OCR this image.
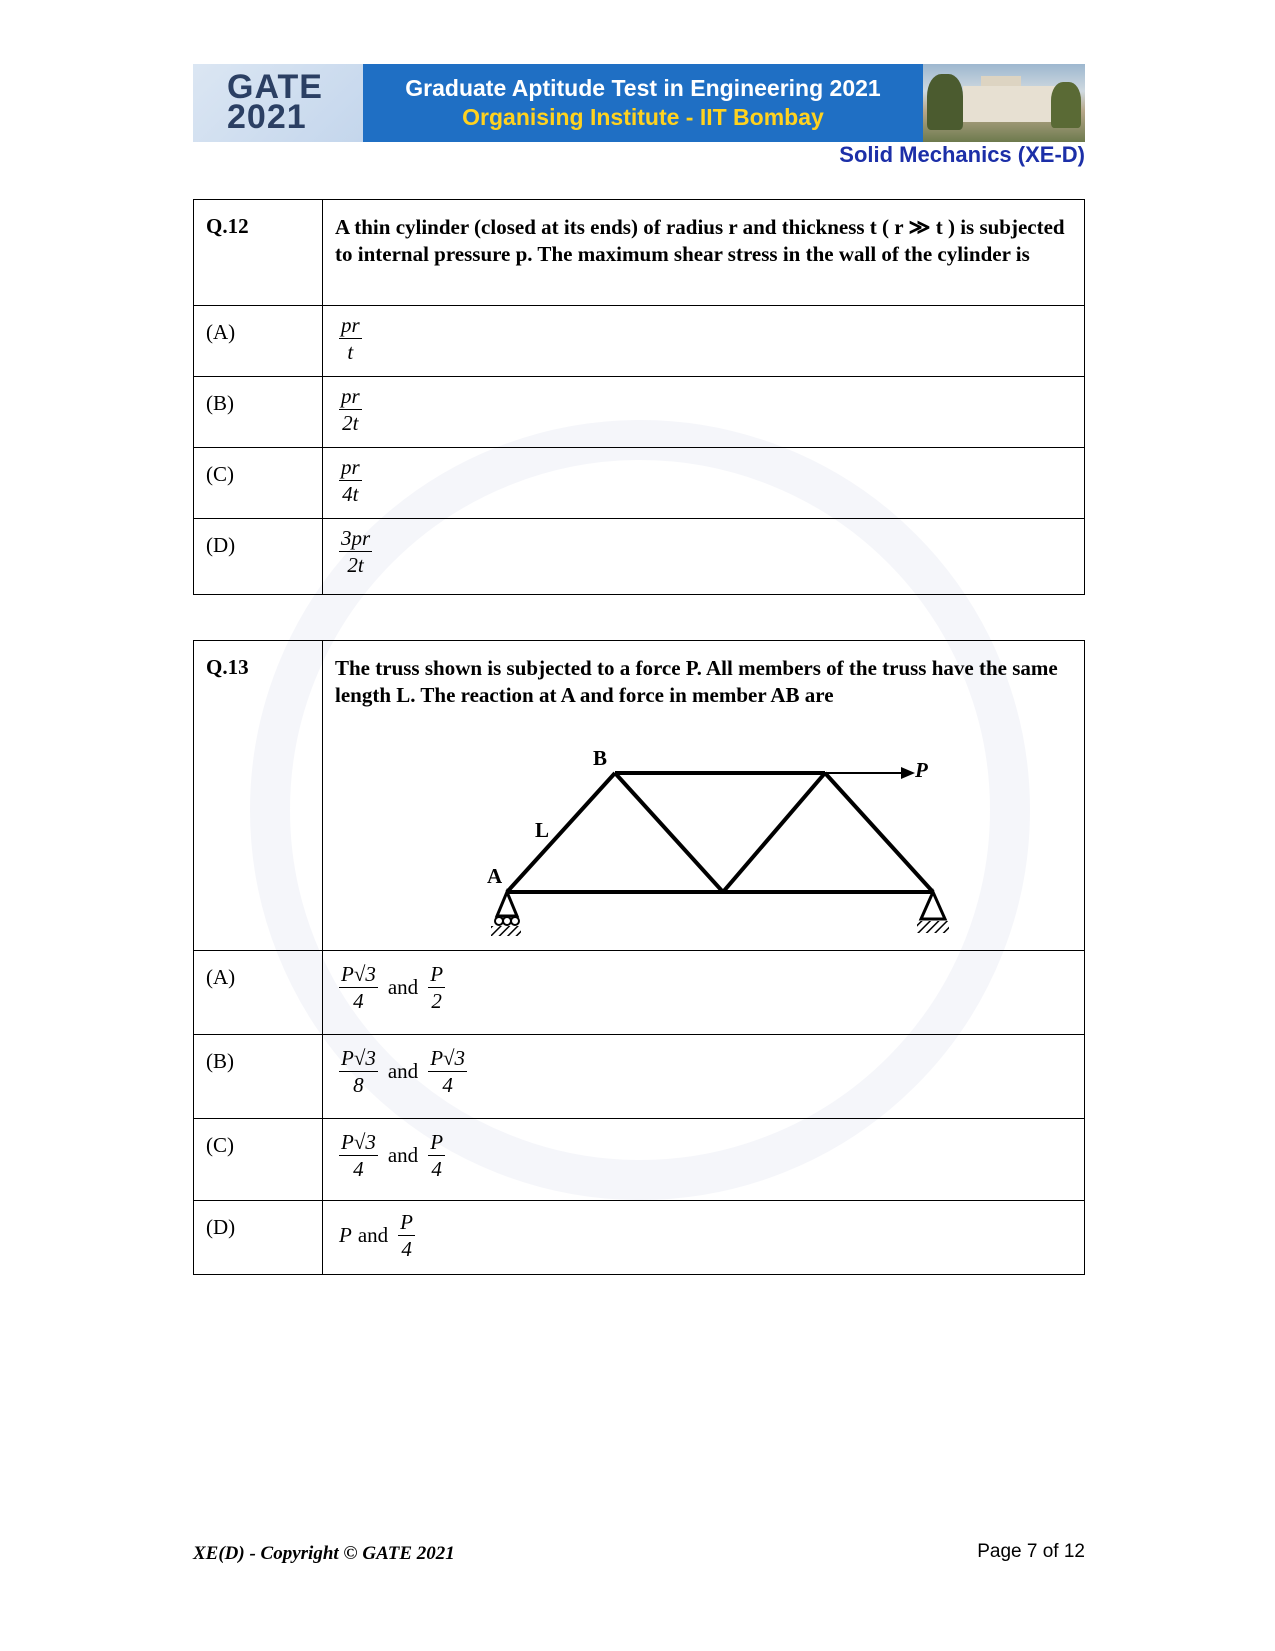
GATE
2021
Graduate Aptitude Test in Engineering 2021
Organising Institute - IIT Bombay
Solid Mechanics (XE-D)
Q.12	A thin cylinder (closed at its ends) of radius r and thickness t ( r ≫ t ) is subjected to internal pressure p. The maximum shear stress in the wall of the cylinder is
(A)	$\frac{pr}{t}$

(B)	$\frac{pr}{2t}$

(C)	$\frac{pr}{4t}$

(D)	$\frac{3pr}{2t}$
Q.13	The truss shown is subjected to a force P. All members of the truss have the same length L. The reaction at A and force in member AB are
B P
L
A

(A)	$\frac{P√3}{4}$ and $\frac{P}{2}$

(B)	$\frac{P√3}{8}$ and $\frac{P√3}{4}$

(C)	$\frac{P√3}{4}$ and $\frac{P}{4}$

(D)	P and $\frac{P}{4}$
XE(D) - Copyright © GATE 2021	Page 7 of 12
